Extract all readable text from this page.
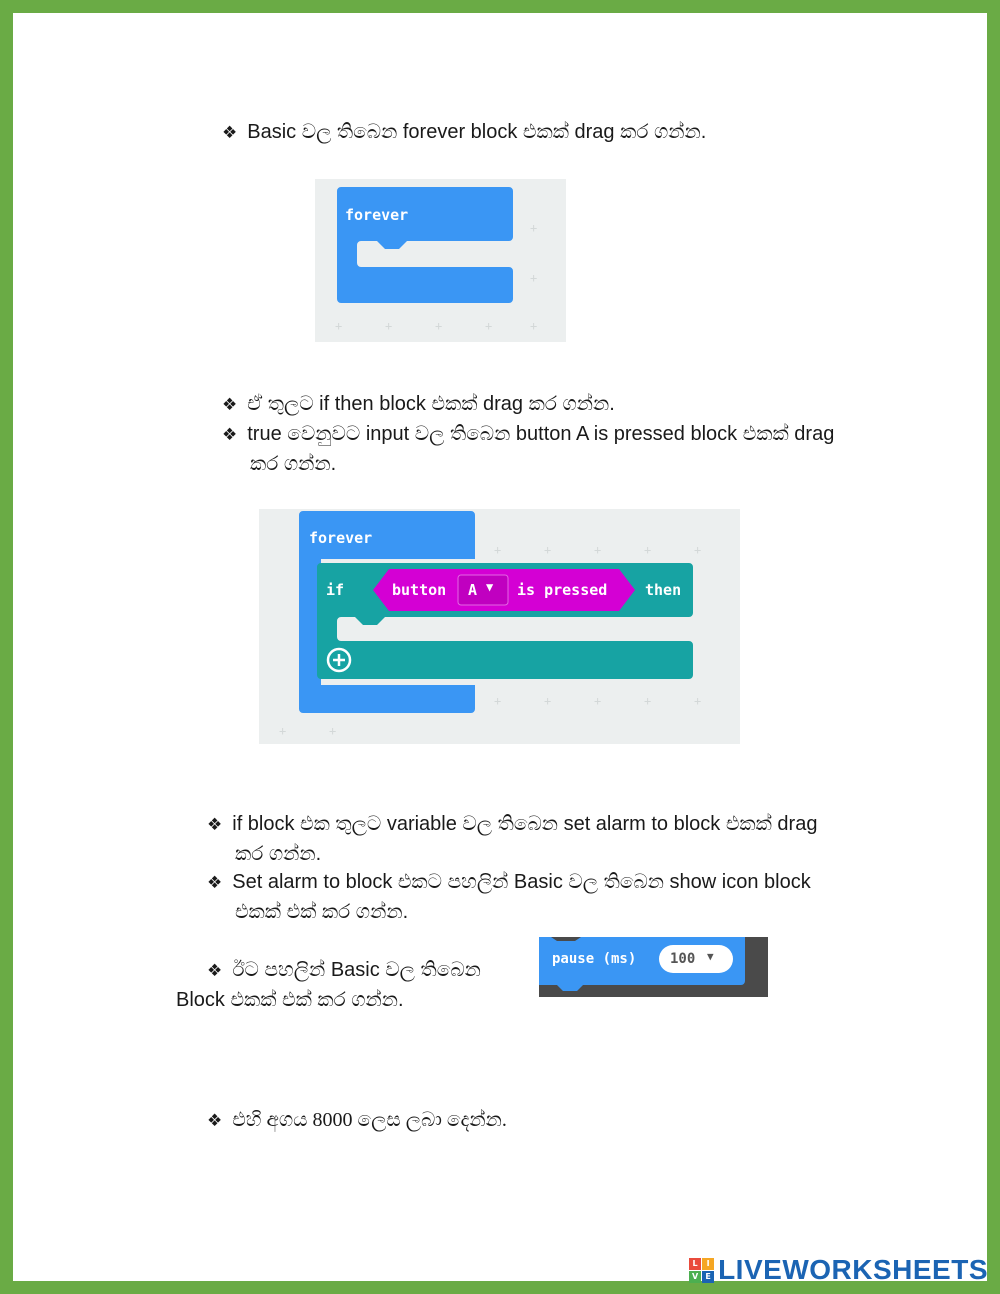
❖ Basic වල තිබෙන forever block එකක් drag කර ගන්න.
+
+
+	+	+	+	+
forever
❖ ඒ තුලට if then block එකක් drag කර ගන්න.
❖ true වෙනුවට input වල තිබෙන button A is pressed block එකක් drag
කර ගන්න.
+	+	+	+	+
+	+	+	+	+
+	+
forever
if	button A ▼ is pressed	then
❖ if block එක තුලට variable වල තිබෙන set alarm to block එකක් drag
කර ගන්න.
❖ Set alarm to block එකට පහලින් Basic වල තිබෙන show icon block
එකක් එක් කර ගන්න.
❖ ඊට පහලින් Basic වල තිබෙන
Block එකක් එක් කර ගන්න.
pause (ms) 100 ▼
❖ එහි අගය 8000 ලෙස ලබා දෙන්න.
L	I
V E LIVEWORKSHEETS
